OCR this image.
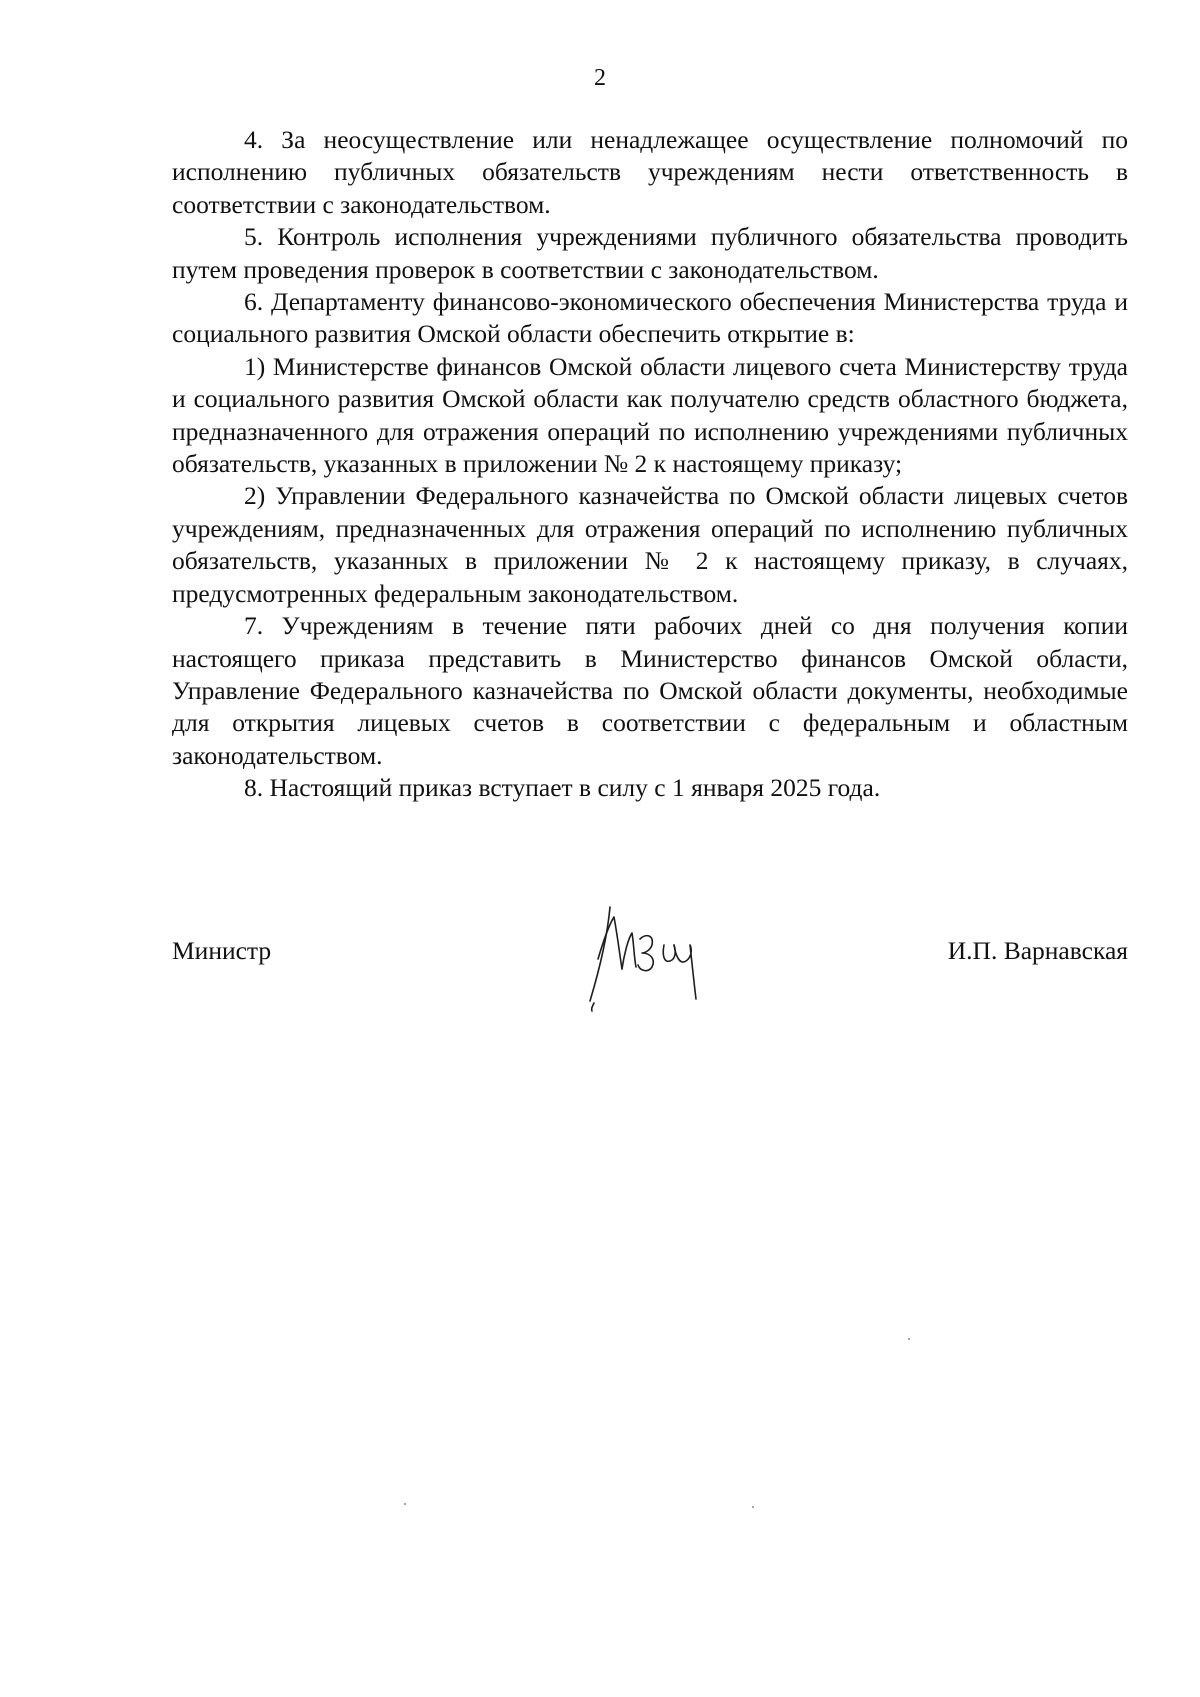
2

4. За неосуществление или ненадлежащее осуществление полномочий по исполнению публичных обязательств учреждениям нести ответственность в соответствии с законодательством.

5. Контроль исполнения учреждениями публичного обязательства проводить путем проведения проверок в соответствии с законодательством.

6. Департаменту финансово-экономического обеспечения Министерства труда и социального развития Омской области обеспечить открытие в:

1) Министерстве финансов Омской области лицевого счета Министерству труда и социального развития Омской области как получателю средств областного бюджета, предназначенного для отражения операций по исполнению учреждениями публичных обязательств, указанных в приложении № 2 к настоящему приказу;

2) Управлении Федерального казначейства по Омской области лицевых счетов учреждениям, предназначенных для отражения операций по исполнению публичных обязательств, указанных в приложении № 2 к настоящему приказу, в случаях, предусмотренных федеральным законодательством.

7. Учреждениям в течение пяти рабочих дней со дня получения копии настоящего приказа представить в Министерство финансов Омской области, Управление Федерального казначейства по Омской области документы, необходимые для открытия лицевых счетов в соответствии с федеральным и областным законодательством.

8. Настоящий приказ вступает в силу с 1 января 2025 года.

Министр	И.П. Варнавская
